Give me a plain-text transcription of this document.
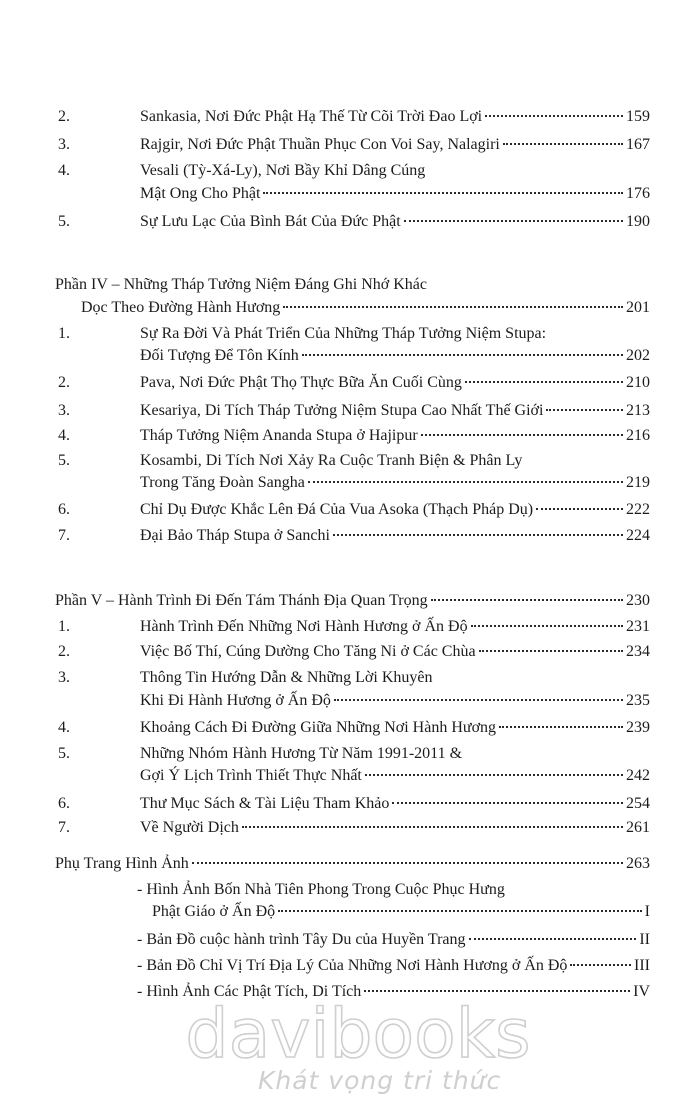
2.	Sankasia, Nơi Đức Phật Hạ Thế Từ Cõi Trời Đao Lợi	159
3.	Rajgir, Nơi Đức Phật Thuần Phục Con Voi Say, Nalagiri	167
4.	Vesali (Tỳ-Xá-Ly), Nơi Bầy Khỉ Dâng Cúng
Mật Ong Cho Phật	176
5.	Sự Lưu Lạc Của Bình Bát Của Đức Phật	190
Phần IV – Những Tháp Tưởng Niệm Đáng Ghi Nhớ Khác
Dọc Theo Đường Hành Hương	201
1.	Sự Ra Đời Và Phát Triển Của Những Tháp Tưởng Niệm Stupa:
Đối Tượng Để Tôn Kính	202
2.	Pava, Nơi Đức Phật Thọ Thực Bữa Ăn Cuối Cùng	210
3.	Kesariya, Di Tích Tháp Tưởng Niệm Stupa Cao Nhất Thế Giới	213
4.	Tháp Tưởng Niệm Ananda Stupa ở Hajipur	216
5.	Kosambi, Di Tích Nơi Xảy Ra Cuộc Tranh Biện & Phân Ly
Trong Tăng Đoàn Sangha	219
6.	Chỉ Dụ Được Khắc Lên Đá Của Vua Asoka (Thạch Pháp Dụ)	222
7.	Đại Bảo Tháp Stupa ở Sanchi	224
Phần V – Hành Trình Đi Đến Tám Thánh Địa Quan Trọng	230
1.	Hành Trình Đến Những Nơi Hành Hương ở Ấn Độ	231
2.	Việc Bố Thí, Cúng Dường Cho Tăng Ni ở Các Chùa	234
3.	Thông Tin Hướng Dẫn & Những Lời Khuyên
Khi Đi Hành Hương ở Ấn Độ	235
4.	Khoảng Cách Đi Đường Giữa Những Nơi Hành Hương	239
5.	Những Nhóm Hành Hương Từ Năm 1991-2011 &
Gợi Ý Lịch Trình Thiết Thực Nhất	242
6.	Thư Mục Sách & Tài Liệu Tham Khảo	254
7.	Về Người Dịch	261
Phụ Trang Hình Ảnh	263
- Hình Ảnh Bốn Nhà Tiên Phong Trong Cuộc Phục Hưng
Phật Giáo ở Ấn Độ	I
- Bản Đồ cuộc hành trình Tây Du của Huyền Trang	II
- Bản Đồ Chỉ Vị Trí Địa Lý Của Những Nơi Hành Hương ở Ấn Độ	III
- Hình Ảnh Các Phật Tích, Di Tích	IV
davibooks
Khát vọng tri thức
